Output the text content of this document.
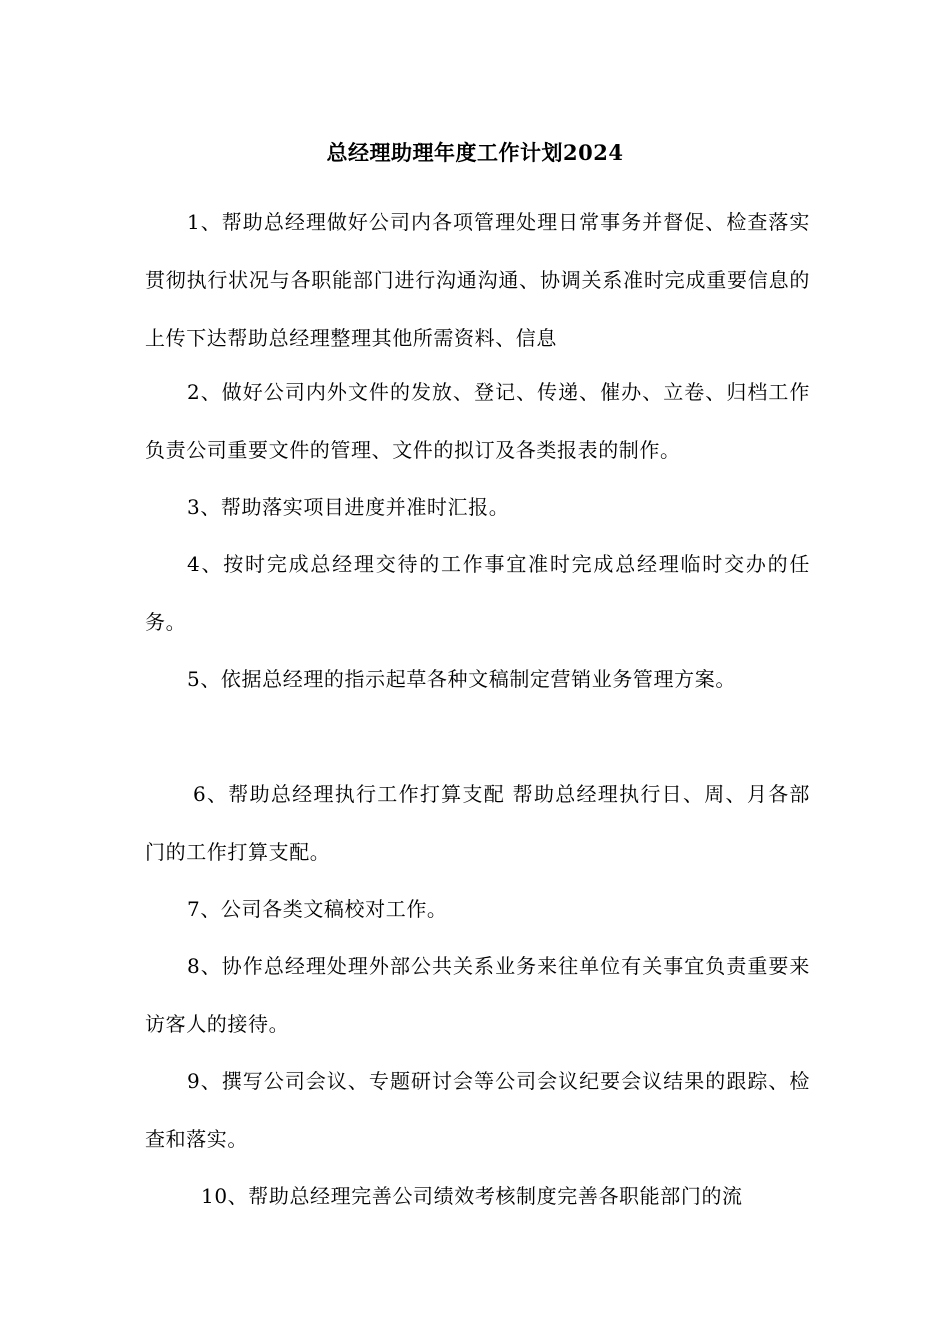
总经理助理年度工作计划2024

1、帮助总经理做好公司内各项管理处理日常事务并督促、检查落实贯彻执行状况与各职能部门进行沟通沟通、协调关系准时完成重要信息的上传下达帮助总经理整理其他所需资料、信息

2、做好公司内外文件的发放、登记、传递、催办、立卷、归档工作负责公司重要文件的管理、文件的拟订及各类报表的制作。

3、帮助落实项目进度并准时汇报。

4、按时完成总经理交待的工作事宜准时完成总经理临时交办的任务。

5、依据总经理的指示起草各种文稿制定营销业务管理方案。

6、帮助总经理执行工作打算支配 帮助总经理执行日、周、月各部门的工作打算支配。

7、公司各类文稿校对工作。

8、协作总经理处理外部公共关系业务来往单位有关事宜负责重要来访客人的接待。

9、撰写公司会议、专题研讨会等公司会议纪要会议结果的跟踪、检查和落实。

10、帮助总经理完善公司绩效考核制度完善各职能部门的流
